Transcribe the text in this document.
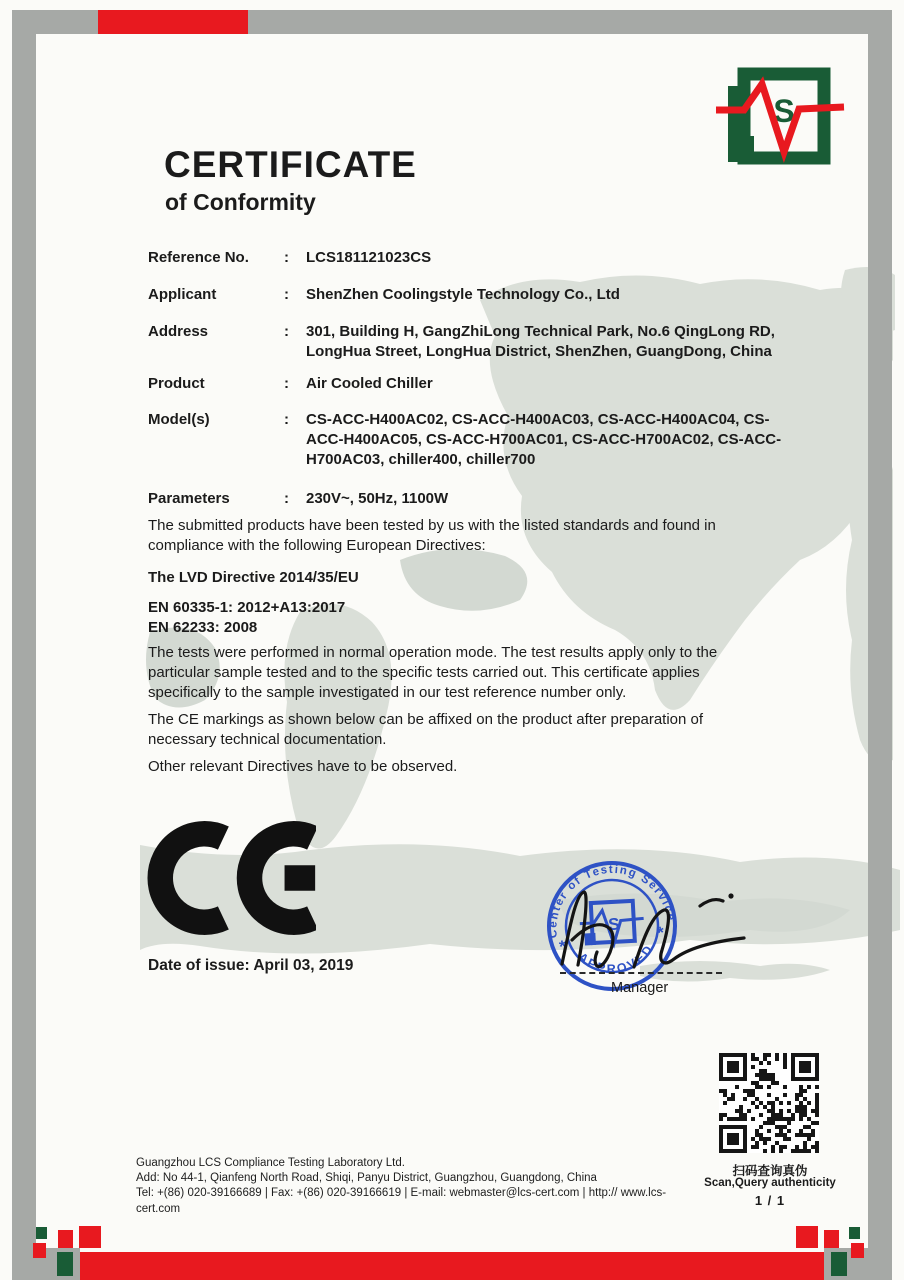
S
CERTIFICATE
of Conformity
Reference No.	:	LCS181121023CS
Applicant	:	ShenZhen Coolingstyle Technology Co., Ltd
Address	:	301, Building H, GangZhiLong Technical Park, No.6 QingLong RD, LongHua Street, LongHua District, ShenZhen, GuangDong, China
Product	:	Air Cooled Chiller
Model(s)	:	CS-ACC-H400AC02, CS-ACC-H400AC03, CS-ACC-H400AC04, CS-ACC-H400AC05, CS-ACC-H700AC01, CS-ACC-H700AC02, CS-ACC-H700AC03, chiller400, chiller700
Parameters	:	230V~, 50Hz, 1100W
The submitted products have been tested by us with the listed standards and found in compliance with the following European Directives:
The LVD Directive 2014/35/EU
EN 60335-1: 2012+A13:2017
EN 62233: 2008
The tests were performed in normal operation mode. The test results apply only to the particular sample tested and to the specific tests carried out. This certificate applies specifically to the sample investigated in our test reference number only.
The CE markings as shown below can be affixed on the product after preparation of necessary technical documentation.
Other relevant Directives have to be observed.
Date of issue: April 03, 2019
Center of Testing Service
APPROVED
*
*
S
Manager
扫码查询真伪
Scan,Query authenticity
1 / 1
Guangzhou LCS Compliance Testing Laboratory Ltd.
Add: No 44-1, Qianfeng North Road, Shiqi, Panyu District, Guangzhou, Guangdong, China
Tel: +(86) 020-39166689 | Fax: +(86) 020-39166619 | E-mail: webmaster@lcs-cert.com | http:// www.lcs-cert.com
